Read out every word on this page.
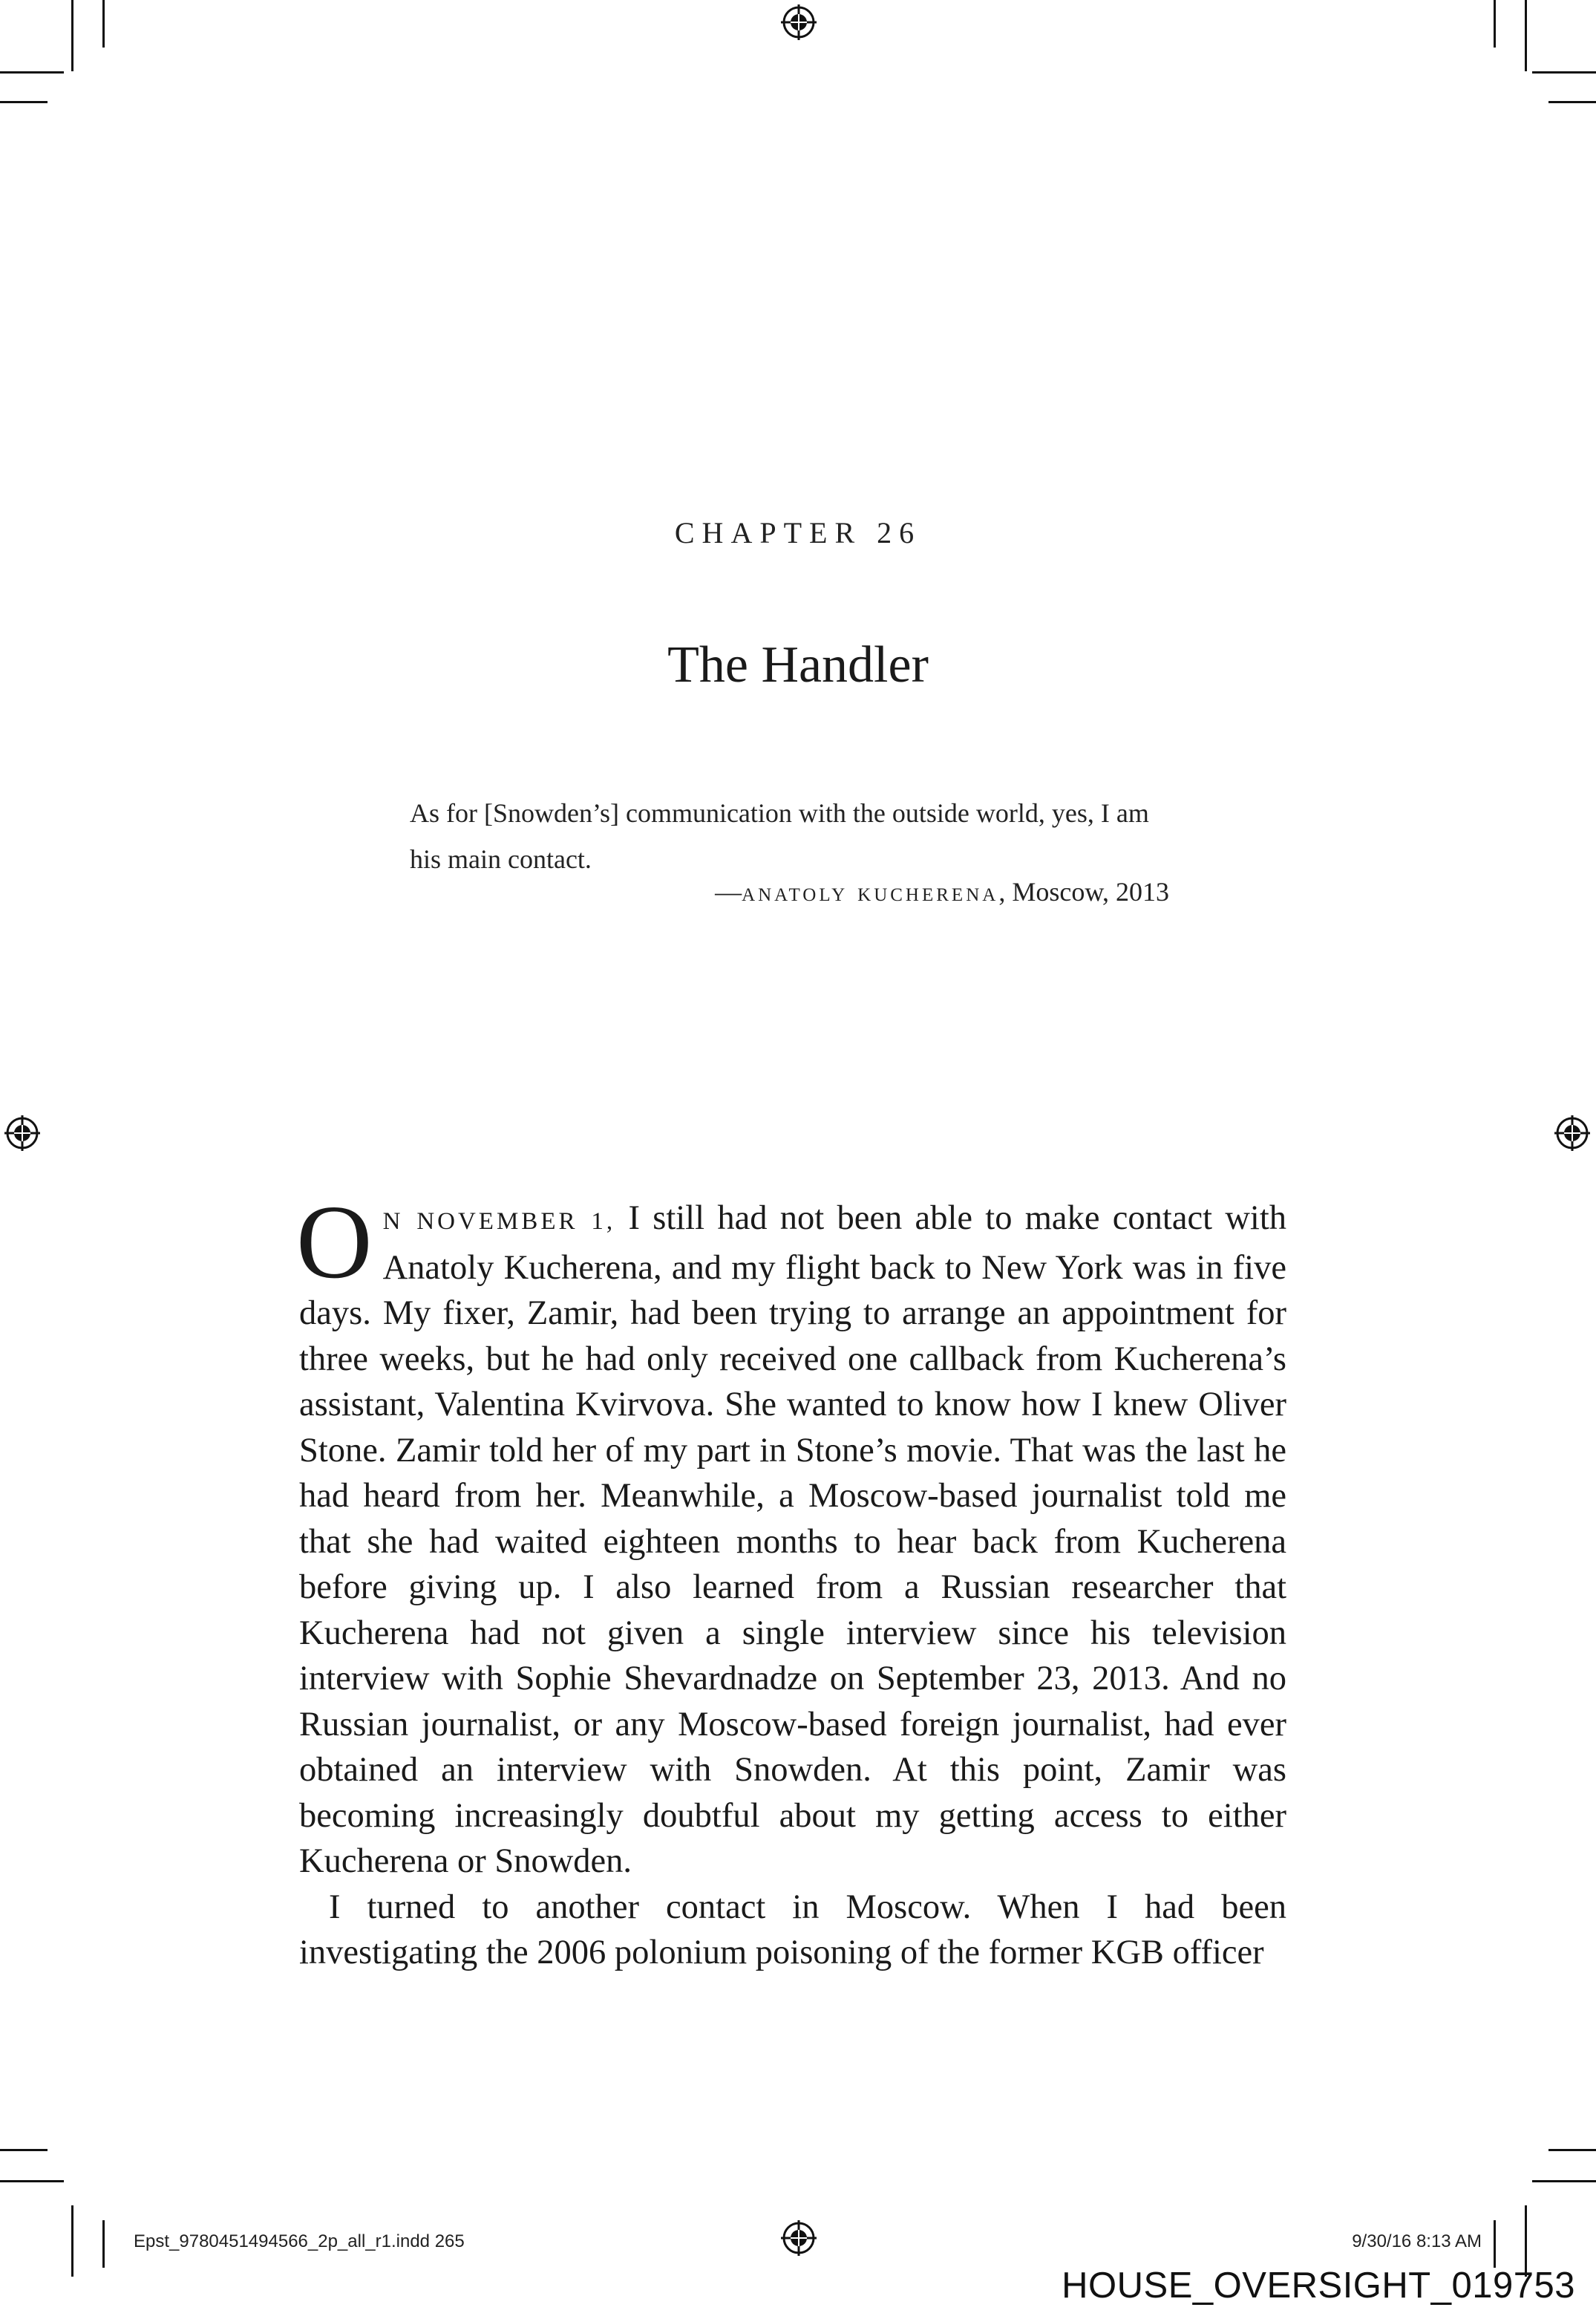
CHAPTER 26
The Handler

As for [Snowden’s] communication with the outside world, yes, I am his main contact.

—anatoly kucherena, Moscow, 2013

ON NOVEMBER 1, I still had not been able to make contact with Anatoly Kucherena, and my flight back to New York was in five days. My fixer, Zamir, had been trying to arrange an appointment for three weeks, but he had only received one callback from Kucherena’s assistant, Valentina Kvirvova. She wanted to know how I knew Oliver Stone. Zamir told her of my part in Stone’s movie. That was the last he had heard from her. Meanwhile, a Moscow-based journalist told me that she had waited eighteen months to hear back from Kucherena before giving up. I also learned from a Russian researcher that Kucherena had not given a single interview since his television interview with Sophie Shevardnadze on September 23, 2013. And no Russian journalist, or any Moscow-based foreign journalist, had ever obtained an interview with Snowden. At this point, Zamir was becoming increasingly doubtful about my getting access to either Kucherena or Snowden.

I turned to another contact in Moscow. When I had been investigating the 2006 polonium poisoning of the former KGB officer

Epst_9780451494566_2p_all_r1.indd 265	9/30/16 8:13 AM
HOUSE_OVERSIGHT_019753
